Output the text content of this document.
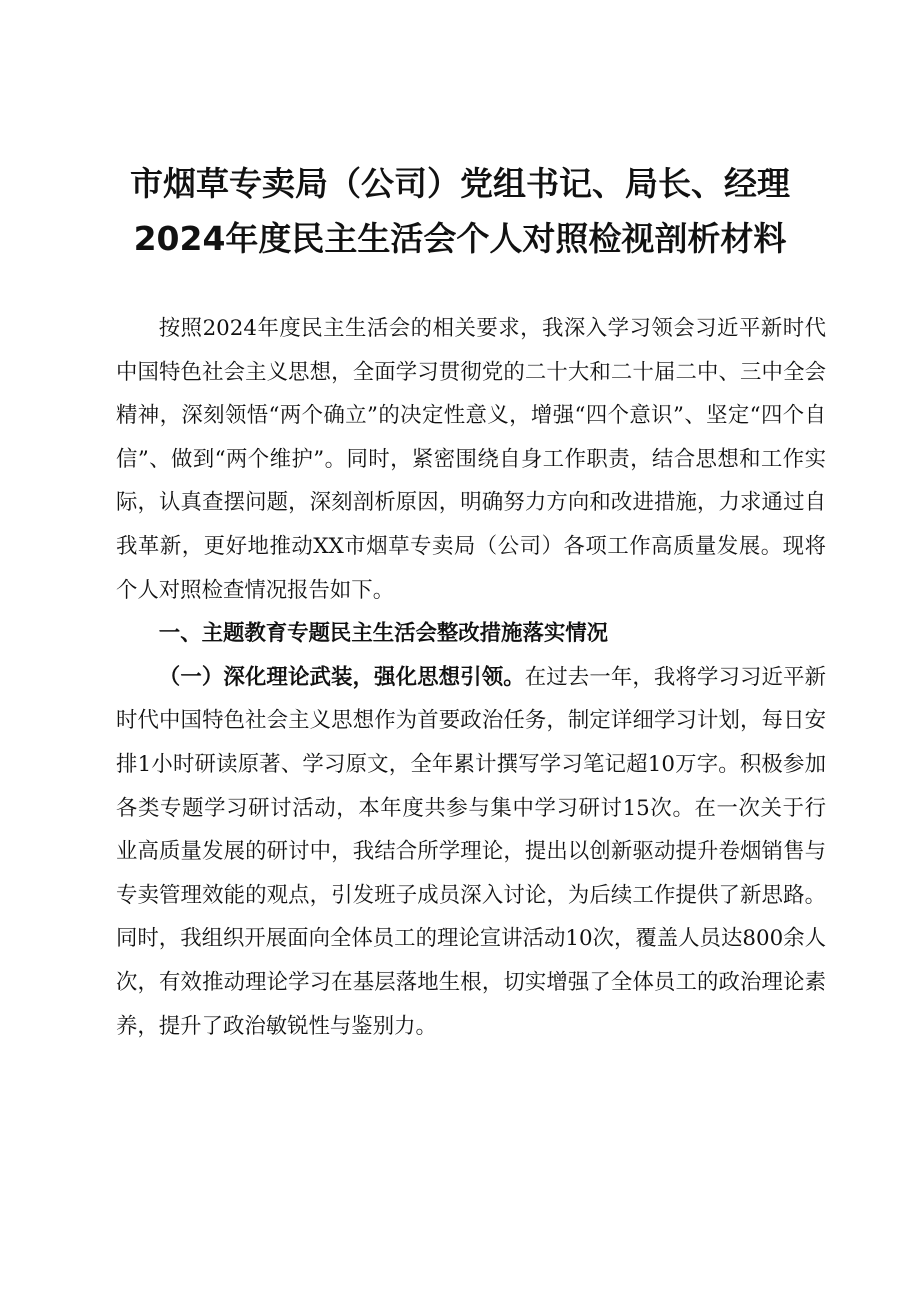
市烟草专卖局（公司）党组书记、局长、经理
2024年度民主生活会个人对照检视剖析材料

按照2024年度民主生活会的相关要求，我深入学习领会习近平新时代中国特色社会主义思想，全面学习贯彻党的二十大和二十届二中、三中全会精神，深刻领悟“两个确立”的决定性意义，增强“四个意识”、坚定“四个自信”、做到“两个维护”。同时，紧密围绕自身工作职责，结合思想和工作实际，认真查摆问题，深刻剖析原因，明确努力方向和改进措施，力求通过自我革新，更好地推动XX市烟草专卖局（公司）各项工作高质量发展。现将个人对照检查情况报告如下。

一、主题教育专题民主生活会整改措施落实情况

（一）深化理论武装，强化思想引领。在过去一年，我将学习习近平新时代中国特色社会主义思想作为首要政治任务，制定详细学习计划，每日安排1小时研读原著、学习原文，全年累计撰写学习笔记超10万字。积极参加各类专题学习研讨活动，本年度共参与集中学习研讨15次。在一次关于行业高质量发展的研讨中，我结合所学理论，提出以创新驱动提升卷烟销售与专卖管理效能的观点，引发班子成员深入讨论，为后续工作提供了新思路。同时，我组织开展面向全体员工的理论宣讲活动10次，覆盖人员达800余人次，有效推动理论学习在基层落地生根，切实增强了全体员工的政治理论素养，提升了政治敏锐性与鉴别力。
